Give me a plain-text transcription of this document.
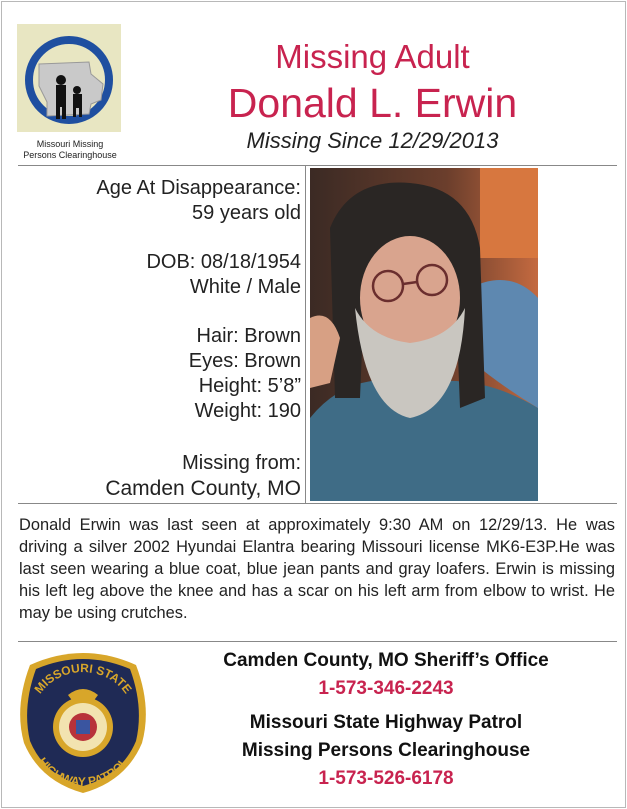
Missouri Missing
Persons Clearinghouse
Missing Adult
Donald L. Erwin
Missing Since 12/29/2013
Age At Disappearance:
59 years old
DOB: 08/18/1954
White / Male
Hair: Brown
Eyes: Brown
Height: 5’8”
Weight: 190
Missing from:
Camden County, MO
Donald Erwin was last seen at approximately 9:30 AM on 12/29/13. He was driving a silver 2002 Hyundai Elantra bearing Missouri license MK6-E3P.He was last seen wearing a blue coat, blue jean pants and gray loafers. Erwin is missing his left leg above the knee and has a scar on his left arm from elbow to wrist. He may be using crutches.
MISSOURI STATE
HIGHWAY PATROL
Camden County, MO Sheriff’s Office
1-573-346-2243
Missouri State Highway Patrol
Missing Persons Clearinghouse
1-573-526-6178
